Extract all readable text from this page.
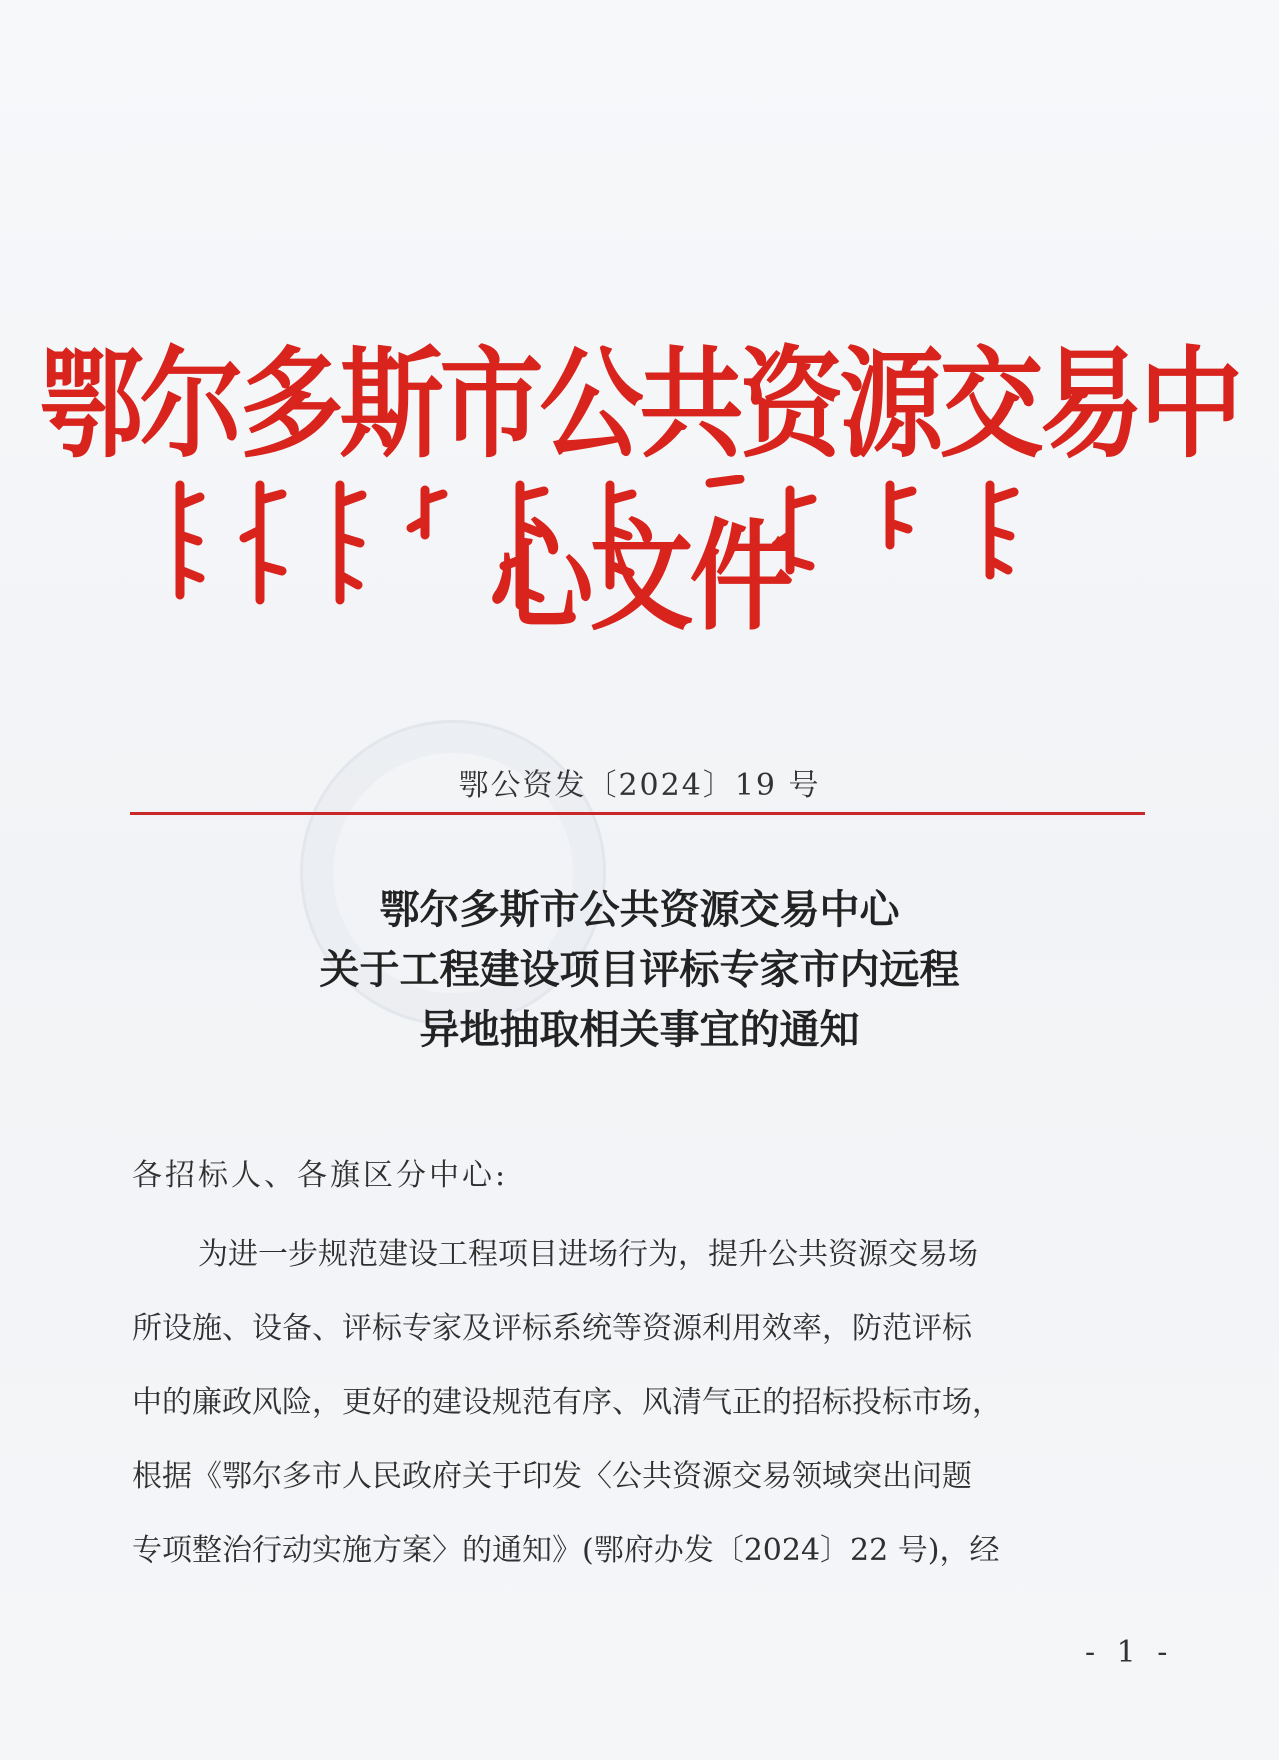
鄂尔多斯市公共资源交易中心文件
鄂公资发〔2024〕19 号
鄂尔多斯市公共资源交易中心
关于工程建设项目评标专家市内远程
异地抽取相关事宜的通知
各招标人、各旗区分中心:
为进一步规范建设工程项目进场行为，提升公共资源交易场
所设施、设备、评标专家及评标系统等资源利用效率，防范评标
中的廉政风险，更好的建设规范有序、风清气正的招标投标市场，
根据《鄂尔多市人民政府关于印发〈公共资源交易领域突出问题
专项整治行动实施方案〉的通知》(鄂府办发〔2024〕22 号)，经
- 1 -
